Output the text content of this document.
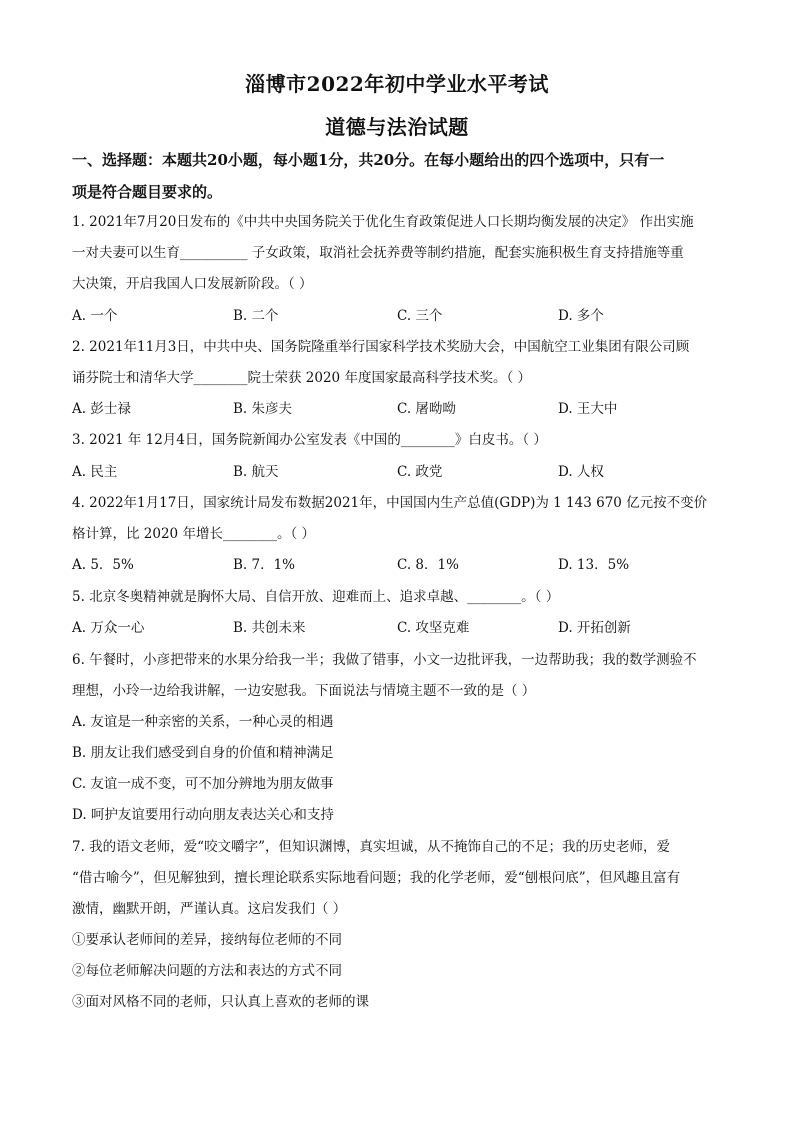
淄博市2022年初中学业水平考试
道德与法治试题
一、选择题：本题共20小题，每小题1分，共20分。在每小题给出的四个选项中，只有一
项是符合题目要求的。
1. 2021年7月20日发布的《中共中央国务院关于优化生育政策促进人口长期均衡发展的决定》 作出实施
一对夫妻可以生育__________ 子女政策，取消社会抚养费等制约措施，配套实施积极生育支持措施等重
大决策，开启我国人口发展新阶段。（ ）
A. 一个	B. 二个	C. 三个	D. 多个
2. 2021年11月3日，中共中央、国务院隆重举行国家科学技术奖励大会，中国航空工业集团有限公司顾
诵芬院士和清华大学________院士荣获 2020 年度国家最高科学技术奖。（ ）
A. 彭士禄	B. 朱彦夫	C. 屠呦呦	D. 王大中
3. 2021 年 12月4日，国务院新闻办公室发表《中国的________》白皮书。（ ）
A. 民主	B. 航天	C. 政党	D. 人权
4. 2022年1月17日，国家统计局发布数据2021年，中国国内生产总值(GDP)为 1 143 670 亿元按不变价
格计算，比 2020 年增长________。（ ）
A. 5．5%	B. 7．1%	C. 8．1%	D. 13．5%
5. 北京冬奥精神就是胸怀大局、自信开放、迎难而上、追求卓越、________。（ ）
A. 万众一心	B. 共创未来	C. 攻坚克难	D. 开拓创新
6. 午餐时，小彦把带来的水果分给我一半；我做了错事，小文一边批评我，一边帮助我；我的数学测验不
理想，小玲一边给我讲解，一边安慰我。下面说法与情境主题不一致的是（ ）
A. 友谊是一种亲密的关系，一种心灵的相遇
B. 朋友让我们感受到自身的价值和精神满足
C. 友谊一成不变，可不加分辨地为朋友做事
D. 呵护友谊要用行动向朋友表达关心和支持
7. 我的语文老师，爱“咬文嚼字”，但知识渊博，真实坦诚，从不掩饰自己的不足；我的历史老师，爱
“借古喻今”，但见解独到，擅长理论联系实际地看问题；我的化学老师，爱“刨根问底”，但风趣且富有
激情，幽默开朗，严谨认真。这启发我们（ ）
①要承认老师间的差异，接纳每位老师的不同
②每位老师解决问题的方法和表达的方式不同
③面对风格不同的老师，只认真上喜欢的老师的课
